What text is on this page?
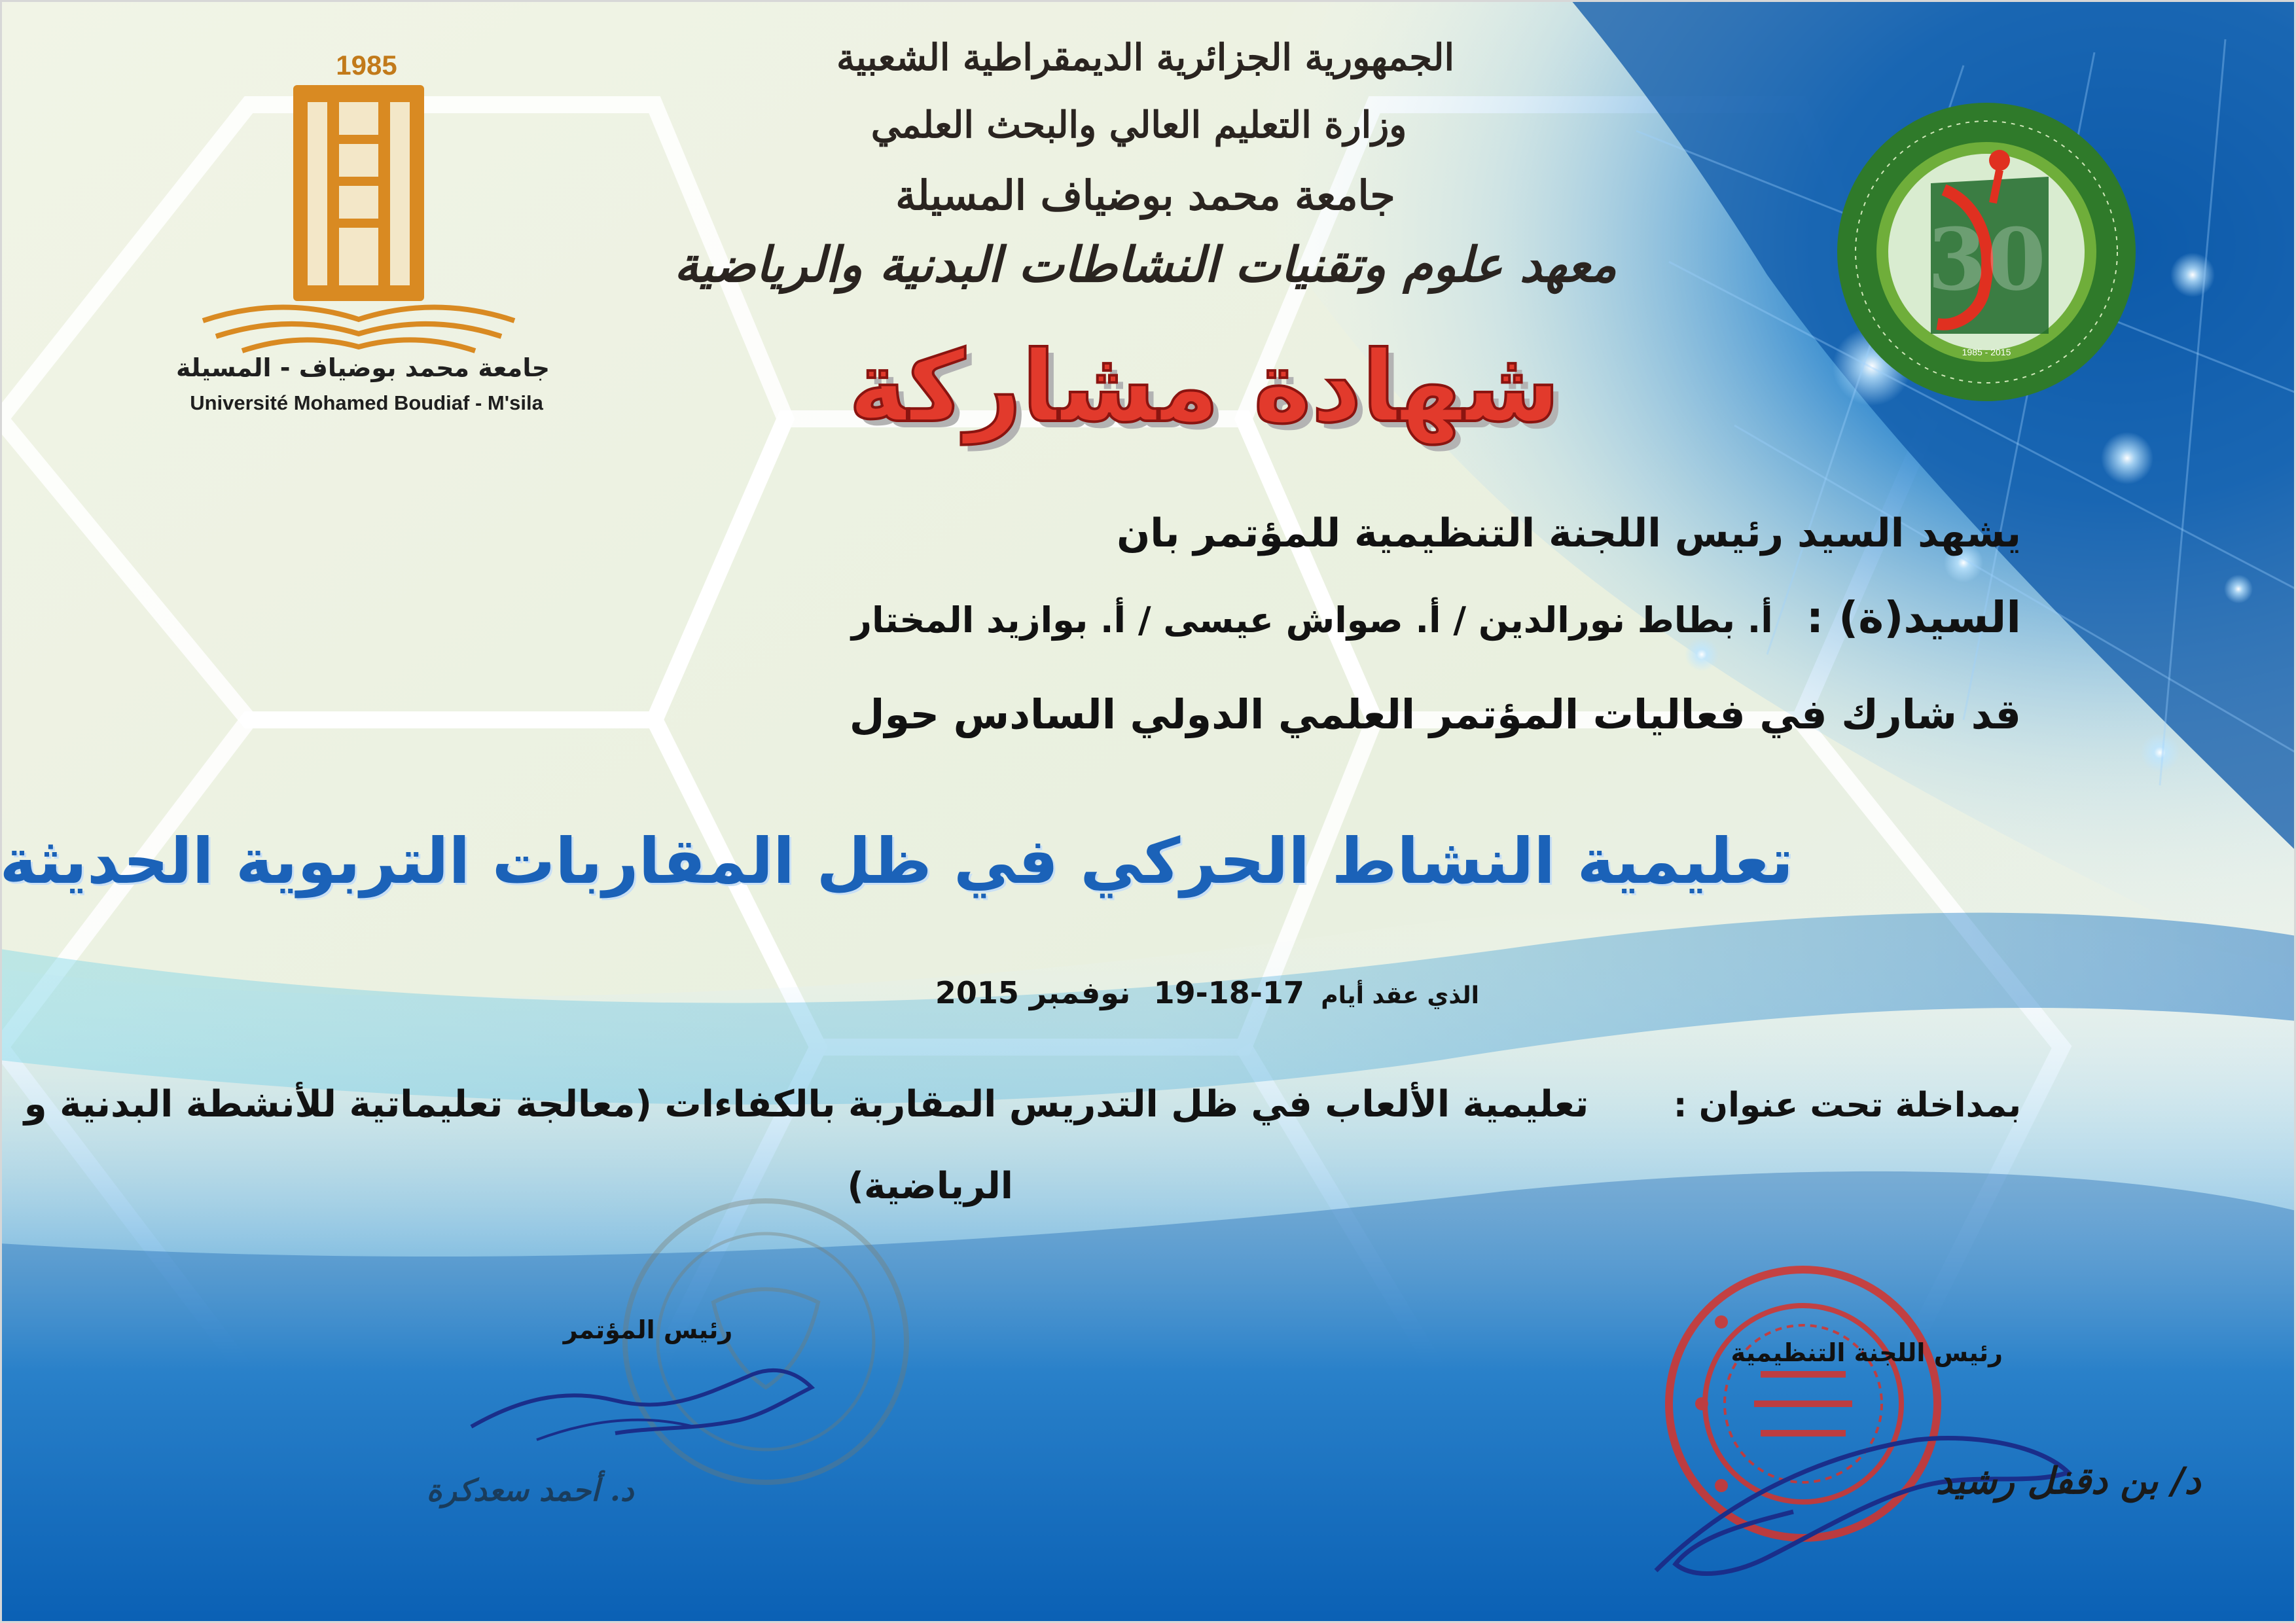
1985
جامعة محمد بوضياف - المسيلة
Université Mohamed Boudiaf - M'sila
30
1985 - 2015
الجمهورية الجزائرية الديمقراطية الشعبية
وزارة التعليم العالي والبحث العلمي
جامعة محمد بوضياف المسيلة
معهد علوم وتقنيات النشاطات البدنية والرياضية
شهادة مشاركة
يشهد السيد رئيس اللجنة التنظيمية للمؤتمر بان
السيد(ة) : أ. بطاط نورالدين / أ. صواش عيسى / أ. بوازيد المختار
قد شارك في فعاليات المؤتمر العلمي الدولي السادس حول
تعليمية النشاط الحركي في ظل المقاربات التربوية الحديثة
الذي عقد أيام 17-18-19 نوفمبر 2015
بمداخلة تحت عنوان : تعليمية الألعاب في ظل التدريس المقاربة بالكفاءات (معالجة تعليماتية للأنشطة البدنية و
الرياضية)
رئيس المؤتمر
د. أحمد سعدكرة
رئيس اللجنة التنظيمية
د/ بن دقفل رشيد
